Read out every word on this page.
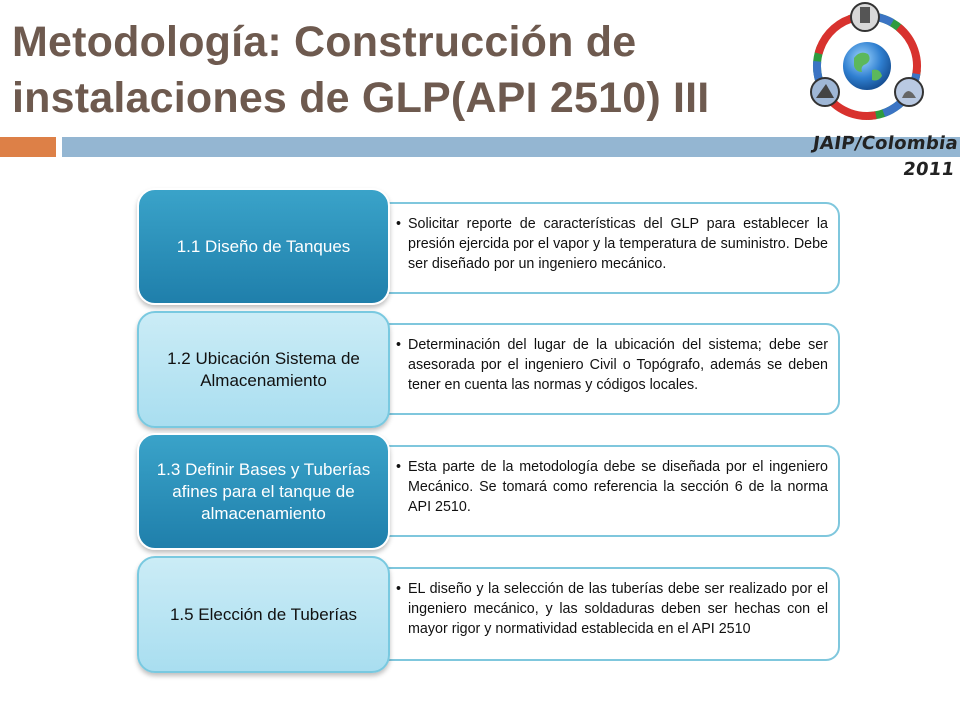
Metodología: Construcción de
instalaciones de GLP(API 2510) III
JAIP/Colombia 2011

• Solicitar reporte de características del GLP para establecer la presión ejercida por el vapor y la temperatura de suministro. Debe ser diseñado por un ingeniero mecánico.

1.1 Diseño de Tanques

• Determinación del lugar de la ubicación del sistema; debe ser asesorada por el ingeniero Civil o Topógrafo, además se deben tener en cuenta las normas y códigos locales.

1.2 Ubicación Sistema de Almacenamiento

• Esta parte de la metodología debe se diseñada por el ingeniero Mecánico. Se tomará como referencia la sección 6 de la norma API 2510.

1.3 Definir Bases y Tuberías afines para el tanque de almacenamiento

• EL diseño y la selección de las tuberías debe ser realizado por el ingeniero mecánico, y las soldaduras deben ser hechas con el mayor rigor y normatividad establecida en el API 2510

1.5 Elección de Tuberías
